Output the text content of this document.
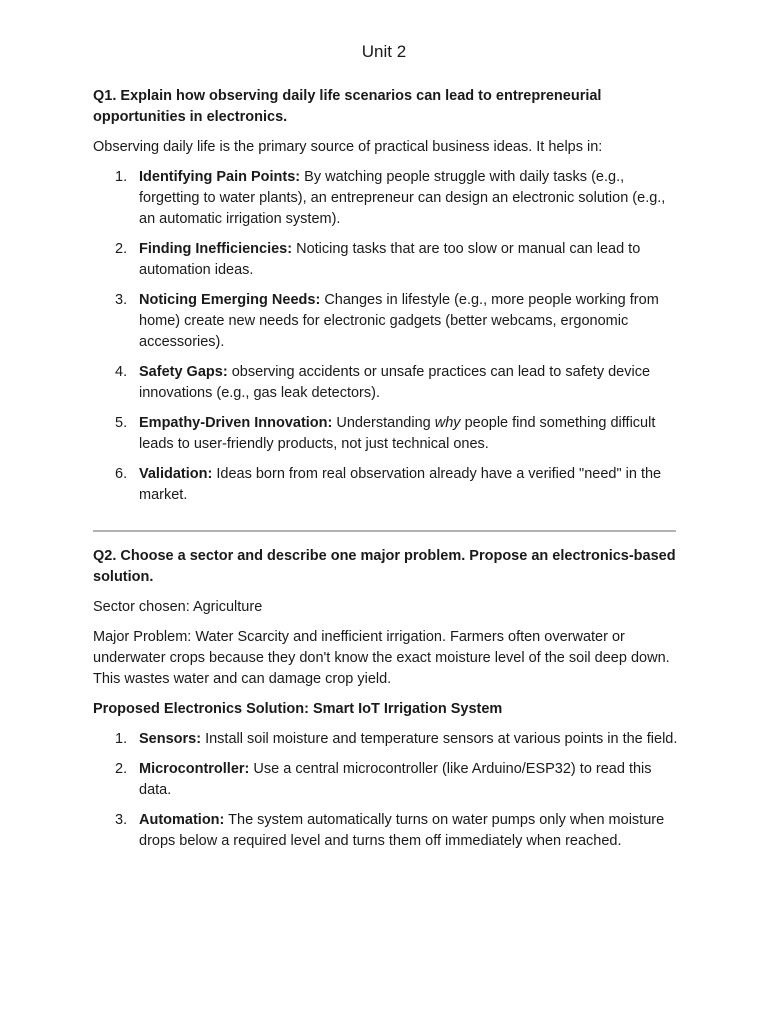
Unit 2
Q1. Explain how observing daily life scenarios can lead to entrepreneurial opportunities in electronics.
Observing daily life is the primary source of practical business ideas. It helps in:
1. Identifying Pain Points: By watching people struggle with daily tasks (e.g., forgetting to water plants), an entrepreneur can design an electronic solution (e.g., an automatic irrigation system).
2. Finding Inefficiencies: Noticing tasks that are too slow or manual can lead to automation ideas.
3. Noticing Emerging Needs: Changes in lifestyle (e.g., more people working from home) create new needs for electronic gadgets (better webcams, ergonomic accessories).
4. Safety Gaps: observing accidents or unsafe practices can lead to safety device innovations (e.g., gas leak detectors).
5. Empathy-Driven Innovation: Understanding why people find something difficult leads to user-friendly products, not just technical ones.
6. Validation: Ideas born from real observation already have a verified "need" in the market.
Q2. Choose a sector and describe one major problem. Propose an electronics-based solution.
Sector chosen: Agriculture
Major Problem: Water Scarcity and inefficient irrigation. Farmers often overwater or underwater crops because they don't know the exact moisture level of the soil deep down. This wastes water and can damage crop yield.
Proposed Electronics Solution: Smart IoT Irrigation System
1. Sensors: Install soil moisture and temperature sensors at various points in the field.
2. Microcontroller: Use a central microcontroller (like Arduino/ESP32) to read this data.
3. Automation: The system automatically turns on water pumps only when moisture drops below a required level and turns them off immediately when reached.
